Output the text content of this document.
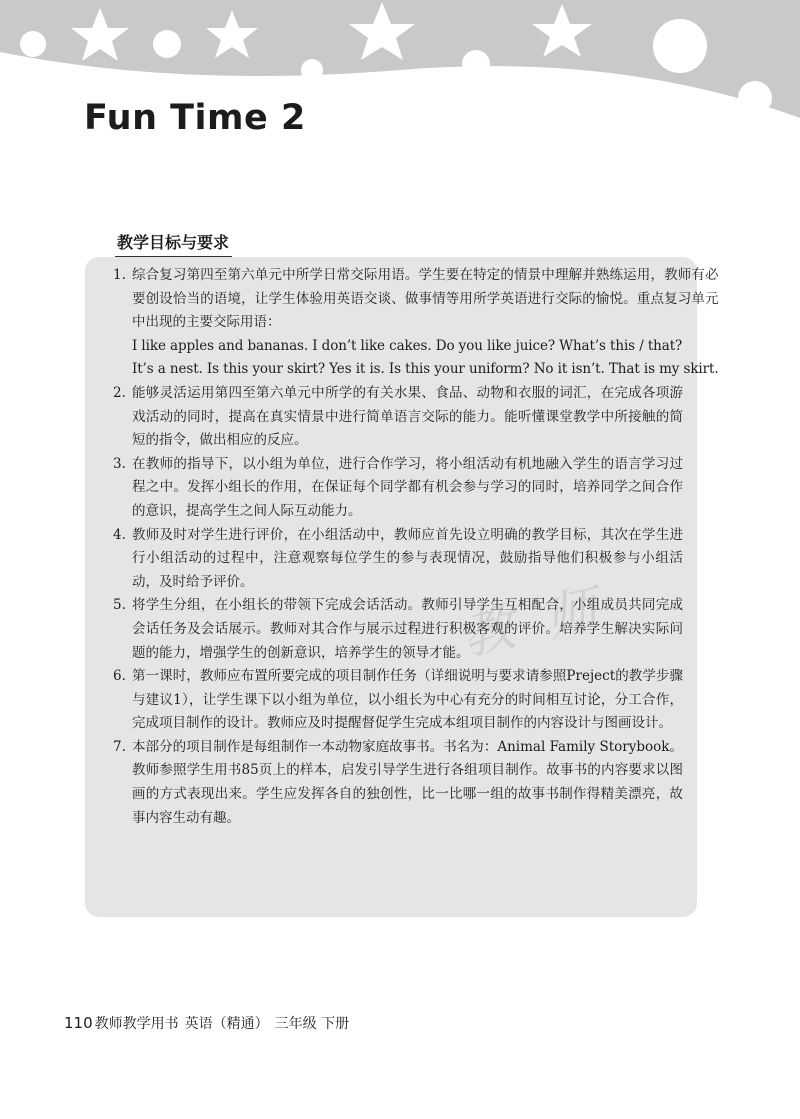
Fun Time 2
教学目标与要求
教 师
1. 综合复习第四至第六单元中所学日常交际用语。学生要在特定的情景中理解并熟练运用，教师有必要创设恰当的语境，让学生体验用英语交谈、做事情等用所学英语进行交际的愉悦。重点复习单元中出现的主要交际用语：
I like apples and bananas. I don’t like cakes. Do you like juice? What’s this / that?
It’s a nest. Is this your skirt? Yes it is. Is this your uniform? No it isn’t. That is my skirt.
2. 能够灵活运用第四至第六单元中所学的有关水果、食品、动物和衣服的词汇，在完成各项游戏活动的同时，提高在真实情景中进行简单语言交际的能力。能听懂课堂教学中所接触的简短的指令，做出相应的反应。
3. 在教师的指导下，以小组为单位，进行合作学习，将小组活动有机地融入学生的语言学习过程之中。发挥小组长的作用，在保证每个同学都有机会参与学习的同时，培养同学之间合作的意识，提高学生之间人际互动能力。
4. 教师及时对学生进行评价，在小组活动中，教师应首先设立明确的教学目标，其次在学生进行小组活动的过程中，注意观察每位学生的参与表现情况，鼓励指导他们积极参与小组活动，及时给予评价。
5. 将学生分组，在小组长的带领下完成会话活动。教师引导学生互相配合，小组成员共同完成会话任务及会话展示。教师对其合作与展示过程进行积极客观的评价。培养学生解决实际问题的能力，增强学生的创新意识，培养学生的领导才能。
6. 第一课时，教师应布置所要完成的项目制作任务（详细说明与要求请参照Preject的教学步骤与建议1），让学生课下以小组为单位，以小组长为中心有充分的时间相互讨论，分工合作，完成项目制作的设计。教师应及时提醒督促学生完成本组项目制作的内容设计与图画设计。
7. 本部分的项目制作是每组制作一本动物家庭故事书。书名为：Animal Family Storybook。教师参照学生用书85页上的样本，启发引导学生进行各组项目制作。故事书的内容要求以图画的方式表现出来。学生应发挥各自的独创性，比一比哪一组的故事书制作得精美漂亮，故事内容生动有趣。
110 教师教学用书 英语（精通） 三年级 下册
